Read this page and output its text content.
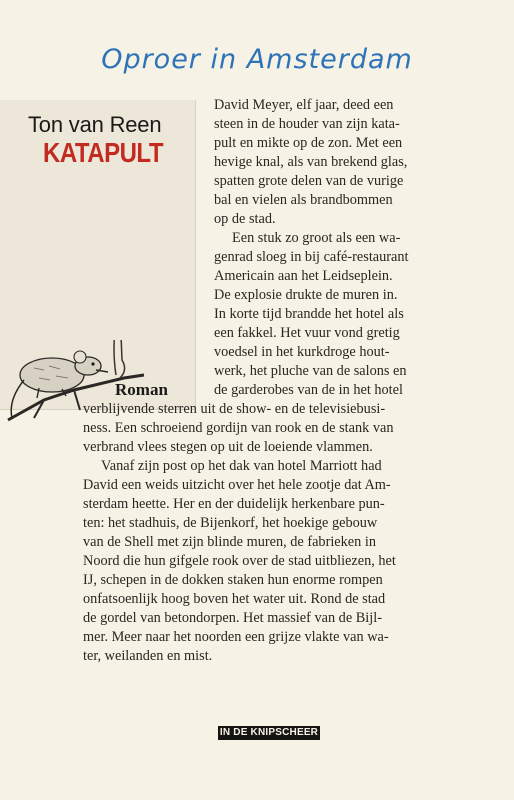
Oproer in Amsterdam
Ton van Reen
KATAPULT
Roman
David Meyer, elf jaar, deed een
steen in de houder van zijn kata-
pult en mikte op de zon. Met een
hevige knal, als van brekend glas,
spatten grote delen van de vurige
bal en vielen als brandbommen
op de stad.
Een stuk zo groot als een wa-
genrad sloeg in bij café-restaurant
Americain aan het Leidseplein.
De explosie drukte de muren in.
In korte tijd brandde het hotel als
een fakkel. Het vuur vond gretig
voedsel in het kurkdroge hout-
werk, het pluche van de salons en
de garderobes van de in het hotel
verblijvende sterren uit de show- en de televisiebusi-
ness. Een schroeiend gordijn van rook en de stank van
verbrand vlees stegen op uit de loeiende vlammen.
Vanaf zijn post op het dak van hotel Marriott had
David een weids uitzicht over het hele zootje dat Am-
sterdam heette. Her en der duidelijk herkenbare pun-
ten: het stadhuis, de Bijenkorf, het hoekige gebouw
van de Shell met zijn blinde muren, de fabrieken in
Noord die hun gifgele rook over de stad uitbliezen, het
IJ, schepen in de dokken staken hun enorme rompen
onfatsoenlijk hoog boven het water uit. Rond de stad
de gordel van betondorpen. Het massief van de Bijl-
mer. Meer naar het noorden een grijze vlakte van wa-
ter, weilanden en mist.
IN DE KNIPSCHEER
